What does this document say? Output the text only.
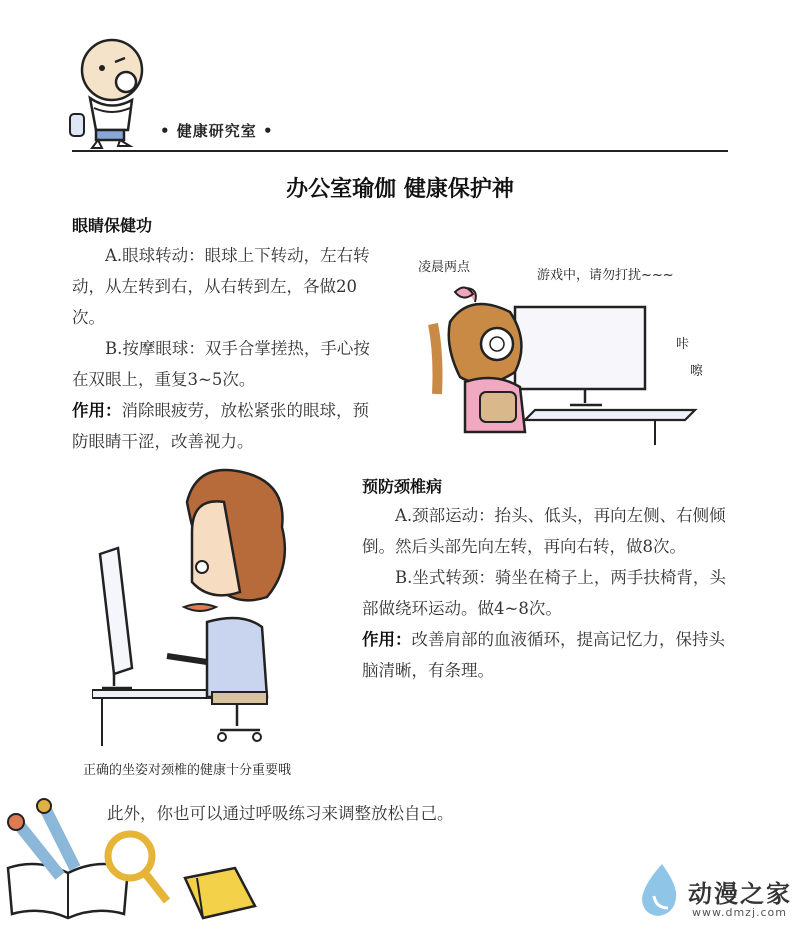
• 健康研究室 •
办公室瑜伽 健康保护神
眼睛保健功

A.眼球转动：眼球上下转动，左右转动，从左转到右，从右转到左，各做20次。

B.按摩眼球：双手合掌搓热，手心按在双眼上，重复3~5次。

作用：消除眼疲劳，放松紧张的眼球，预防眼睛干涩，改善视力。

凌晨两点
游戏中，请勿打扰~~~
咔
嚓
预防颈椎病

A.颈部运动：抬头、低头，再向左侧、右侧倾倒。然后头部先向左转，再向右转，做8次。

B.坐式转颈：骑坐在椅子上，两手扶椅背，头部做绕环运动。做4~8次。

作用：改善肩部的血液循环，提高记忆力，保持头脑清晰，有条理。

正确的坐姿对颈椎的健康十分重要哦
此外，你也可以通过呼吸练习来调整放松自己。
动漫之家
www.dmzj.com
